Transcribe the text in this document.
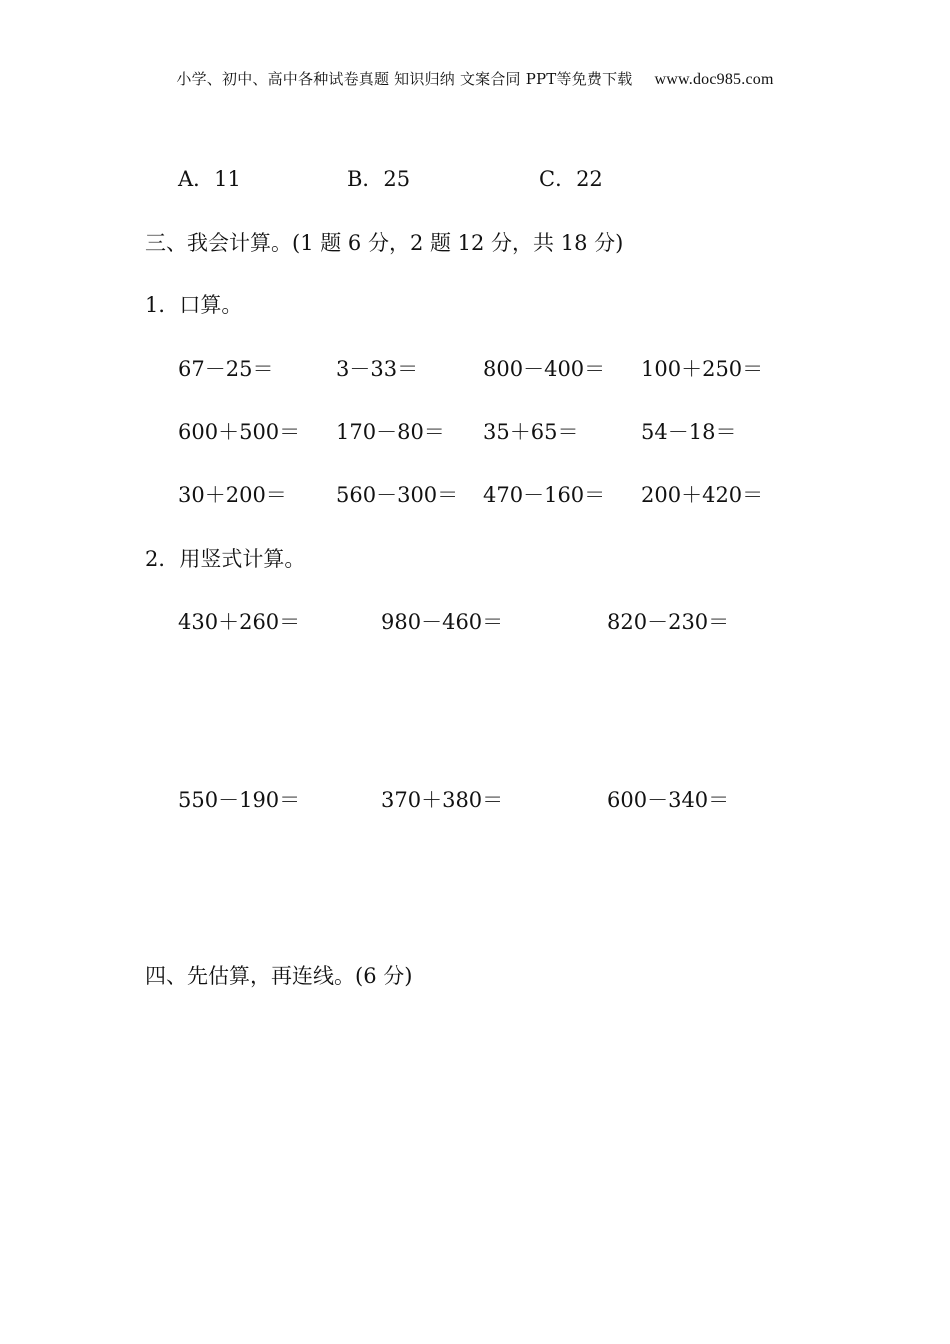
小学、初中、高中各种试卷真题 知识归纳 文案合同 PPT等免费下载 www.doc985.com
A．11	B．25	C．22
三、我会计算。(1 题 6 分，2 题 12 分，共 18 分)
1．口算。
67－25＝	3－33＝	800－400＝ 100＋250＝
600＋500＝ 170－80＝ 35＋65＝	54－18＝
30＋200＝ 560－300＝ 470－160＝ 200＋420＝
2．用竖式计算。
430＋260＝	980－460＝	820－230＝
550－190＝	370＋380＝	600－340＝
四、先估算，再连线。(6 分)
